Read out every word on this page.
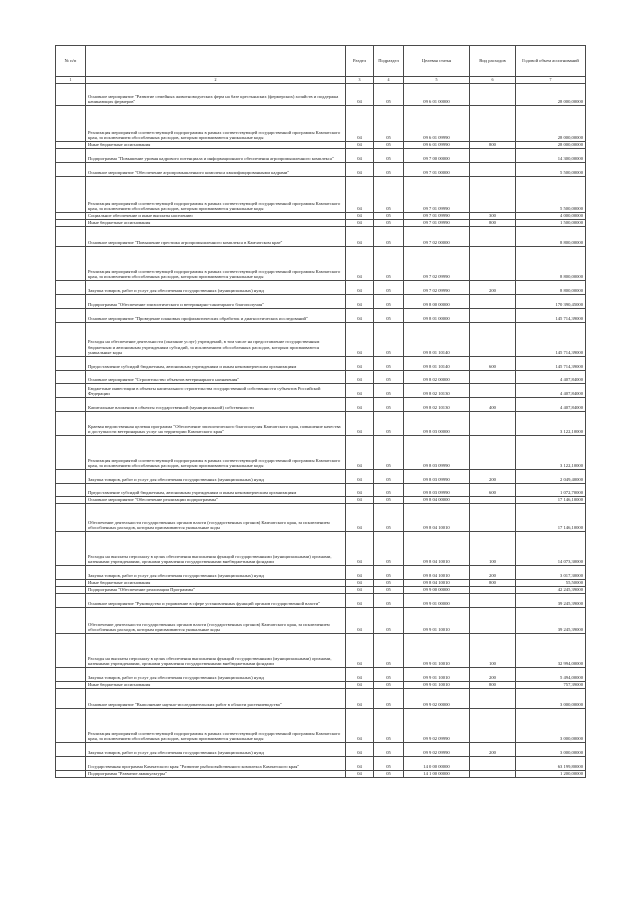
№ п/п		Раздел	Подраздел	Целевая статья	Вид расходов	Годовой объем ассигнований
1	2	3	4	5	6	7
	Основное мероприятие "Развитие семейных животноводческих ферм на базе крестьянских (фермерских) хозяйств и поддержка начинающих фермеров"	04	05	09 6 01 00000		28 000,00000
	Реализация мероприятий соответствующей подпрограммы в рамках соответствующей государственной программы Камчатского края, за исключением обособленных расходов, которым присваиваются уникальные коды	04	05	09 6 01 09990		28 000,00000
	Иные бюджетные ассигнования	04	05	09 6 01 09990	800	28 000,00000
	Подпрограмма "Повышение уровня кадрового потенциала и информационного обеспечения агропромышленного комплекса"	04	05	09 7 00 00000		14 300,00000
	Основное мероприятие "Обеспечение агропромышленного комплекса квалифицированными кадрами"	04	05	09 7 01 00000		5 500,00000
	Реализация мероприятий соответствующей подпрограммы в рамках соответствующей государственной программы Камчатского края, за исключением обособленных расходов, которым присваиваются уникальные коды	04	05	09 7 01 09990		5 500,00000
	Социальное обеспечение и иные выплаты населению	04	05	09 7 01 09990	300	4 000,00000
	Иные бюджетные ассигнования	04	05	09 7 01 09990	800	1 500,00000
	Основное мероприятие "Повышение престижа агропромышленного комплекса в Камчатском крае"	04	05	09 7 02 00000		8 800,00000
	Реализация мероприятий соответствующей подпрограммы в рамках соответствующей государственной программы Камчатского края, за исключением обособленных расходов, которым присваиваются уникальные коды	04	05	09 7 02 09990		8 800,00000
	Закупка товаров, работ и услуг для обеспечения государственных (муниципальных) нужд	04	05	09 7 02 09990	200	8 800,00000
	Подпрограмма "Обеспечение эпизоотического и ветеринарно-санитарного благополучия"	04	05	09 8 00 00000		170 390,45000
	Основное мероприятие "Проведение плановых профилактических обработок и диагностических исследований"	04	05	09 8 01 00000		145 714,39000
	Расходы на обеспечение деятельности (оказание услуг) учреждений, в том числе на предоставление государственным бюджетным и автономным учреждениям субсидий, за исключением обособленных расходов, которым присваиваются уникальные коды	04	05	09 8 01 10140		145 714,39000
	Предоставление субсидий бюджетным, автономным учреждениям и иным некоммерческим организациям	04	05	09 8 01 10140	600	145 714,39000
	Основное мероприятие "Строительство объектов ветеринарного назначения"	04	05	09 8 02 00000		4 407,84000
	Бюджетные инвестиции в объекты капитального строительства государственной собственности субъектов Российской Федерации	04	05	09 8 02 10130		4 407,84000
	Капитальные вложения в объекты государственной (муниципальной) собственности	04	05	09 8 02 10130	400	4 407,84000
	Краевая ведомственная целевая программа "Обеспечение эпизоотического благополучия Камчатского края, повышение качества и доступности ветеринарных услуг на территории Камчатского края"	04	05	09 8 03 00000		3 122,10000
	Реализация мероприятий соответствующей подпрограммы в рамках соответствующей государственной программы Камчатского края, за исключением обособленных расходов, которым присваиваются уникальные коды	04	05	09 8 03 09990		3 122,10000
	Закупка товаров, работ и услуг для обеспечения государственных (муниципальных) нужд	04	05	09 8 03 09990	200	2 049,40000
	Предоставление субсидий бюджетным, автономным учреждениям и иным некоммерческим организациям	04	05	09 8 03 09990	600	1 072,70000
	Основное мероприятие "Обеспечение реализации подпрограммы"	04	05	09 8 04 00000		17 146,10000
	Обеспечение деятельности государственных органов власти (государственных органов) Камчатского края, за исключением обособленных расходов, которым присваиваются уникальные коды	04	05	09 8 04 10010		17 146,10000
	Расходы на выплаты персоналу в целях обеспечения выполнения функций государственными (муниципальными) органами, казенными учреждениями, органами управления государственными внебюджетными фондами	04	05	09 8 04 10010	100	14 073,30000
	Закупка товаров, работ и услуг для обеспечения государственных (муниципальных) нужд	04	05	09 8 04 10010	200	3 017,30000
	Иные бюджетные ассигнования	04	05	09 8 04 10010	800	55,50000
	Подпрограмма "Обеспечение реализации Программы"	04	05	09 9 00 00000		42 245,39000
	Основное мероприятие "Руководство и управление в сфере установленных функций органов государственной власти"	04	05	09 9 01 00000		39 245,39000
	Обеспечение деятельности государственных органов власти (государственных органов) Камчатского края, за исключением обособленных расходов, которым присваиваются уникальные коды	04	05	09 9 01 10010		39 245,39000
	Расходы на выплаты персоналу в целях обеспечения выполнения функций государственными (муниципальными) органами, казенными учреждениями, органами управления государственными внебюджетными фондами	04	05	09 9 01 10010	100	32 994,00000
	Закупка товаров, работ и услуг для обеспечения государственных (муниципальных) нужд	04	05	09 9 01 10010	200	5 494,00000
	Иные бюджетные ассигнования	04	05	09 9 01 10010	800	757,39000
	Основное мероприятие "Выполнение научно-исследовательских работ в области растениеводства"	04	05	09 9 02 00000		3 000,00000
	Реализация мероприятий соответствующей подпрограммы в рамках соответствующей государственной программы Камчатского края, за исключением обособленных расходов, которым присваиваются уникальные коды	04	05	09 9 02 09990		3 000,00000
	Закупка товаров, работ и услуг для обеспечения государственных (муниципальных) нужд	04	05	09 9 02 09990	200	3 000,00000
	Государственная программа Камчатского края "Развитие рыбохозяйственного комплекса Камчатского края"	04	05	14 0 00 00000		63 199,80000
	Подпрограмма "Развитие аквакультуры"	04	05	14 1 00 00000		1 200,00000
